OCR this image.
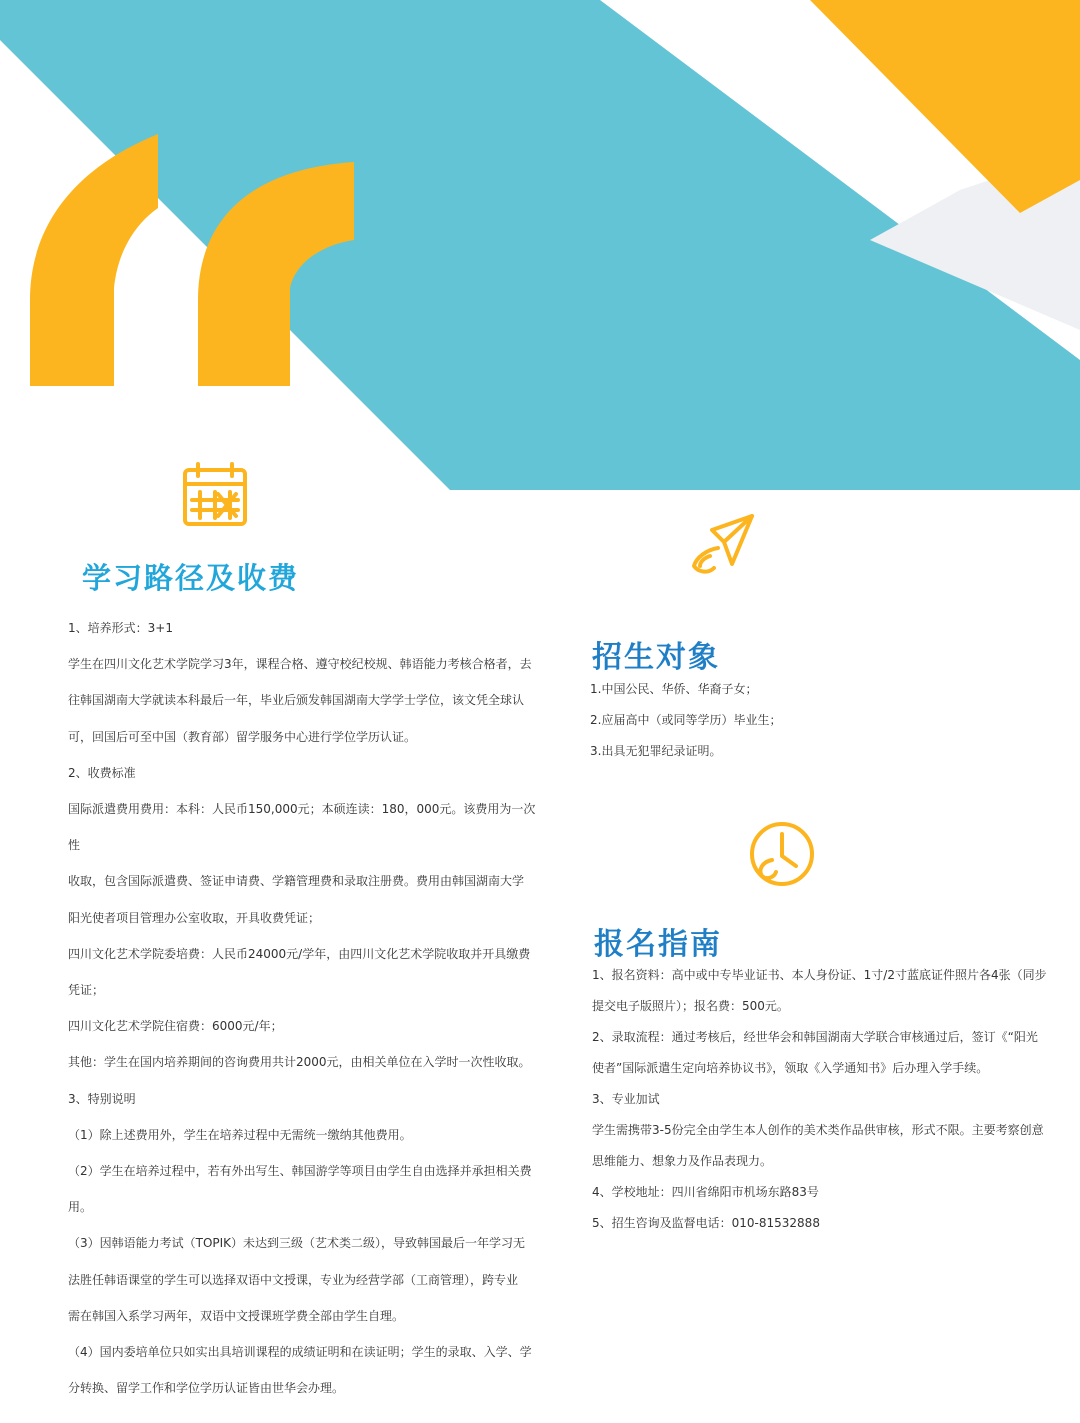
学习路径及收费

1、培养形式：3+1

学生在四川文化艺术学院学习3年，课程合格、遵守校纪校规、韩语能力考核合格者，去

往韩国湖南大学就读本科最后一年，毕业后颁发韩国湖南大学学士学位，该文凭全球认

可，回国后可至中国（教育部）留学服务中心进行学位学历认证。

2、收费标准

国际派遣费用费用：本科：人民币150,000元；本硕连读：180，000元。该费用为一次性

收取，包含国际派遣费、签证申请费、学籍管理费和录取注册费。费用由韩国湖南大学

阳光使者项目管理办公室收取，开具收费凭证；

四川文化艺术学院委培费：人民币24000元/学年，由四川文化艺术学院收取并开具缴费

凭证；

四川文化艺术学院住宿费：6000元/年；

其他：学生在国内培养期间的咨询费用共计2000元，由相关单位在入学时一次性收取。

3、特别说明

（1）除上述费用外，学生在培养过程中无需统一缴纳其他费用。

（2）学生在培养过程中，若有外出写生、韩国游学等项目由学生自由选择并承担相关费

用。

（3）因韩语能力考试（TOPIK）未达到三级（艺术类二级），导致韩国最后一年学习无

法胜任韩语课堂的学生可以选择双语中文授课，专业为经营学部（工商管理），跨专业

需在韩国入系学习两年，双语中文授课班学费全部由学生自理。

（4）国内委培单位只如实出具培训课程的成绩证明和在读证明；学生的录取、入学、学

分转换、留学工作和学位学历认证皆由世华会办理。

招生对象

1.中国公民、华侨、华裔子女；

2.应届高中（或同等学历）毕业生；

3.出具无犯罪纪录证明。

报名指南

1、报名资料：高中或中专毕业证书、本人身份证、1寸/2寸蓝底证件照片各4张（同步

提交电子版照片）；报名费：500元。

2、录取流程：通过考核后，经世华会和韩国湖南大学联合审核通过后，签订《“阳光

使者”国际派遣生定向培养协议书》，领取《入学通知书》后办理入学手续。

3、专业加试

学生需携带3-5份完全由学生本人创作的美术类作品供审核，形式不限。主要考察创意

思维能力、想象力及作品表现力。

4、学校地址：四川省绵阳市机场东路83号

5、招生咨询及监督电话：010-81532888
